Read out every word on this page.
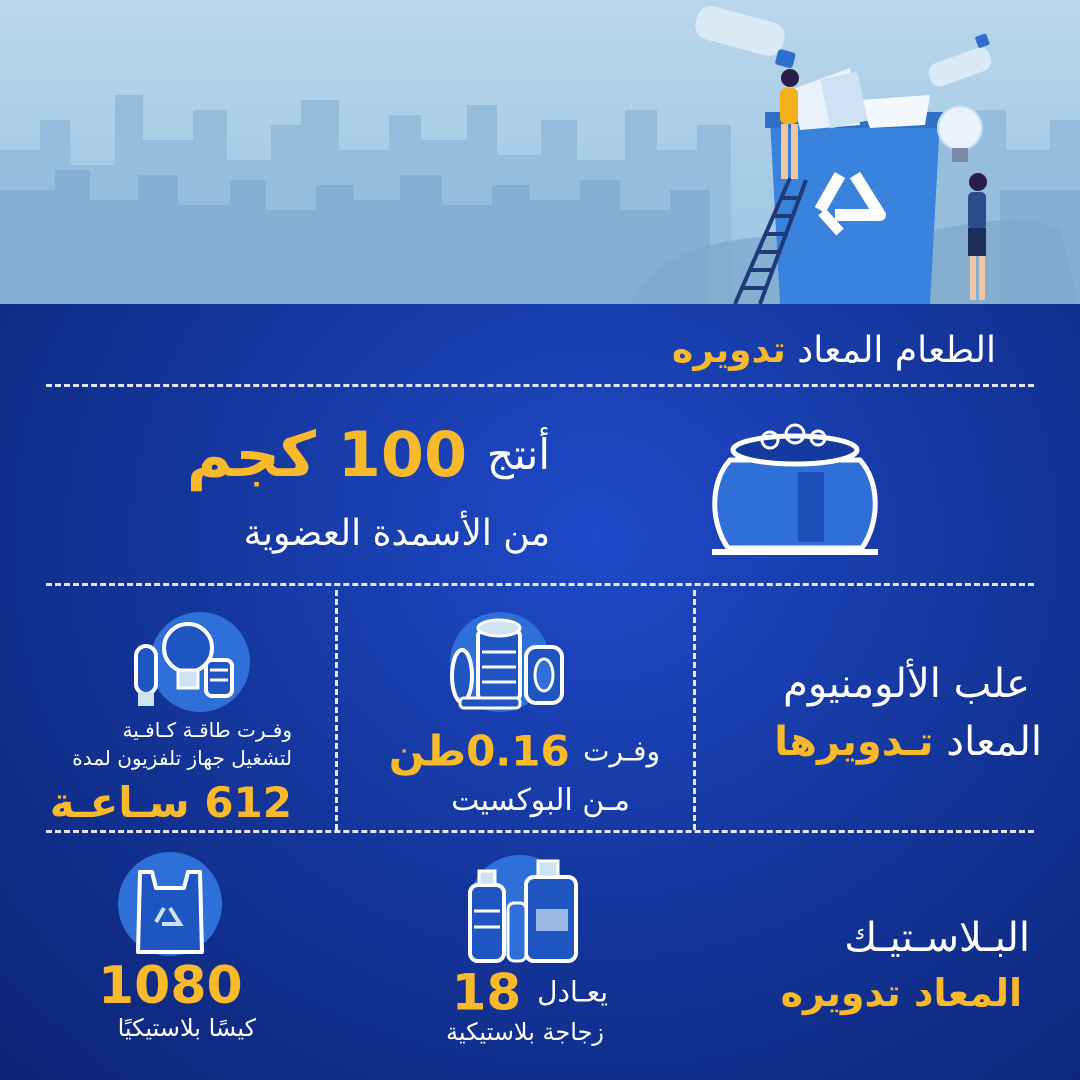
الطعام المعاد تدويره
أنتج 100 كجم
من الأسمدة العضوية
علب الألومنيوم
المعاد تـدويرها
وفـرت 0.16طن
مـن البوكسيت
وفـرت طاقـة كـافـية
لتشغيل جهاز تلفزيون لمدة
612 سـاعـة
البـلاسـتيـك
المعاد تدويره
يعـادل 18
زجاجة بلاستيكية
1080
كيسًا بلاستيكيًا
